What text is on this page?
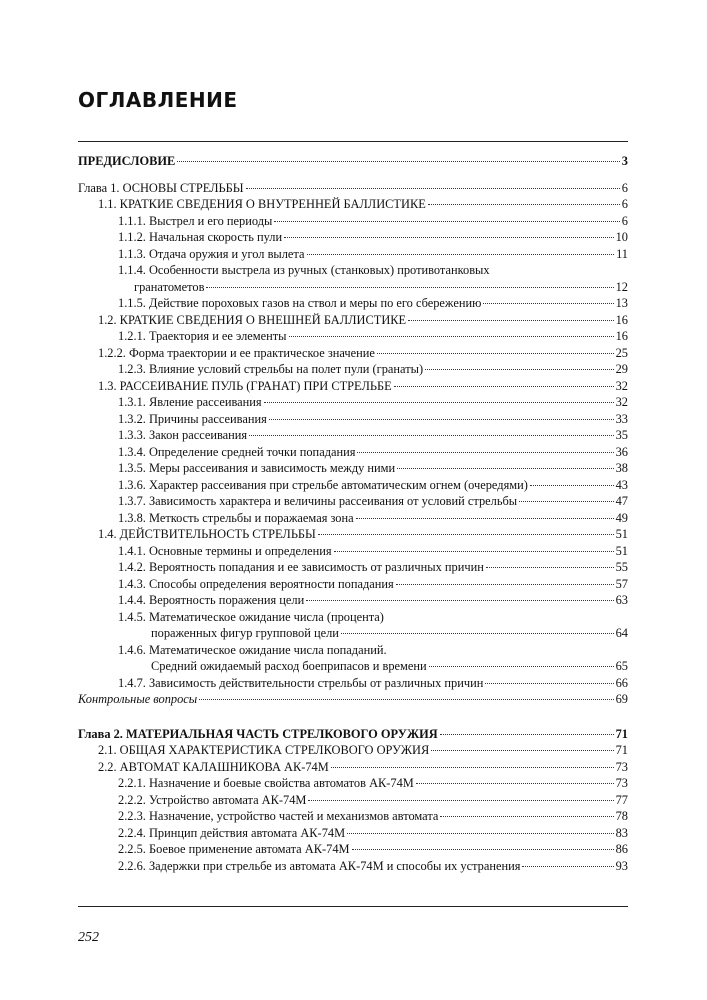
ОГЛАВЛЕНИЕ
ПРЕДИСЛОВИЕ	3
Глава 1. ОСНОВЫ СТРЕЛЬБЫ	6
1.1. КРАТКИЕ СВЕДЕНИЯ О ВНУТРЕННЕЙ БАЛЛИСТИКЕ	6
1.1.1. Выстрел и его периоды	6
1.1.2. Начальная скорость пули	10
1.1.3. Отдача оружия и угол вылета	11
1.1.4. Особенности выстрела из ручных (станковых) противотанковых
гранатометов	12
1.1.5. Действие пороховых газов на ствол и меры по его сбережению	13
1.2. КРАТКИЕ СВЕДЕНИЯ О ВНЕШНЕЙ БАЛЛИСТИКЕ	16
1.2.1. Траектория и ее элементы	16
1.2.2. Форма траектории и ее практическое значение	25
1.2.3. Влияние условий стрельбы на полет пули (гранаты)	29
1.3. РАССЕИВАНИЕ ПУЛЬ (ГРАНАТ) ПРИ СТРЕЛЬБЕ	32
1.3.1. Явление рассеивания	32
1.3.2. Причины рассеивания	33
1.3.3. Закон рассеивания	35
1.3.4. Определение средней точки попадания	36
1.3.5. Меры рассеивания и зависимость между ними	38
1.3.6. Характер рассеивания при стрельбе автоматическим огнем (очередями)	43
1.3.7. Зависимость характера и величины рассеивания от условий стрельбы	47
1.3.8. Меткость стрельбы и поражаемая зона	49
1.4. ДЕЙСТВИТЕЛЬНОСТЬ СТРЕЛЬБЫ	51
1.4.1. Основные термины и определения	51
1.4.2. Вероятность попадания и ее зависимость от различных причин	55
1.4.3. Способы определения вероятности попадания	57
1.4.4. Вероятность поражения цели	63
1.4.5. Математическое ожидание числа (процента)
пораженных фигур групповой цели	64
1.4.6. Математическое ожидание числа попаданий.
Средний ожидаемый расход боеприпасов и времени	65
1.4.7. Зависимость действительности стрельбы от различных причин	66
Контрольные вопросы	69
Глава 2. МАТЕРИАЛЬНАЯ ЧАСТЬ СТРЕЛКОВОГО ОРУЖИЯ	71
2.1. ОБЩАЯ ХАРАКТЕРИСТИКА СТРЕЛКОВОГО ОРУЖИЯ	71
2.2. АВТОМАТ КАЛАШНИКОВА АК-74М	73
2.2.1. Назначение и боевые свойства автоматов АК-74М	73
2.2.2. Устройство автомата АК-74М	77
2.2.3. Назначение, устройство частей и механизмов автомата	78
2.2.4. Принцип действия автомата АК-74М	83
2.2.5. Боевое применение автомата АК-74М	86
2.2.6. Задержки при стрельбе из автомата АК-74М и способы их устранения	93
252
